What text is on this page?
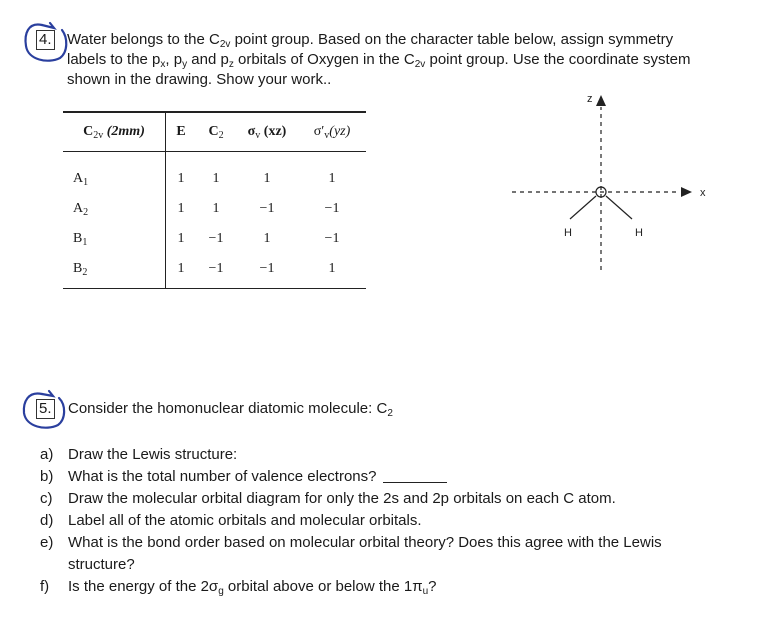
4. Water belongs to the $C_{2v}$ point group. Based on the character table below, assign symmetry
labels to the $p_x$, $p_y$ and $p_z$ orbitals of Oxygen in the $C_{2v}$ point group. Use the coordinate system
shown in the drawing. Show your work..
$C_{2v}$ (2mm)	E	$C_2$	$\sigma_v$ (xz)	$\sigma'_v(yz)$
$A_1$	1	1	1	1
$A_2$	1	1	−1	−1
$B_1$	1	−1	1	−1
$B_2$	1	−1	−1	1
z
x
H	H
5. Consider the homonuclear diatomic molecule: $C_2$
a) Draw the Lewis structure:
b) What is the total number of valence electrons?
c) Draw the molecular orbital diagram for only the 2s and 2p orbitals on each C atom.
d) Label all of the atomic orbitals and molecular orbitals.
e) What is the bond order based on molecular orbital theory? Does this agree with the Lewis
structure?
f) Is the energy of the $2\sigma_g$ orbital above or below the $1\pi_u$?
